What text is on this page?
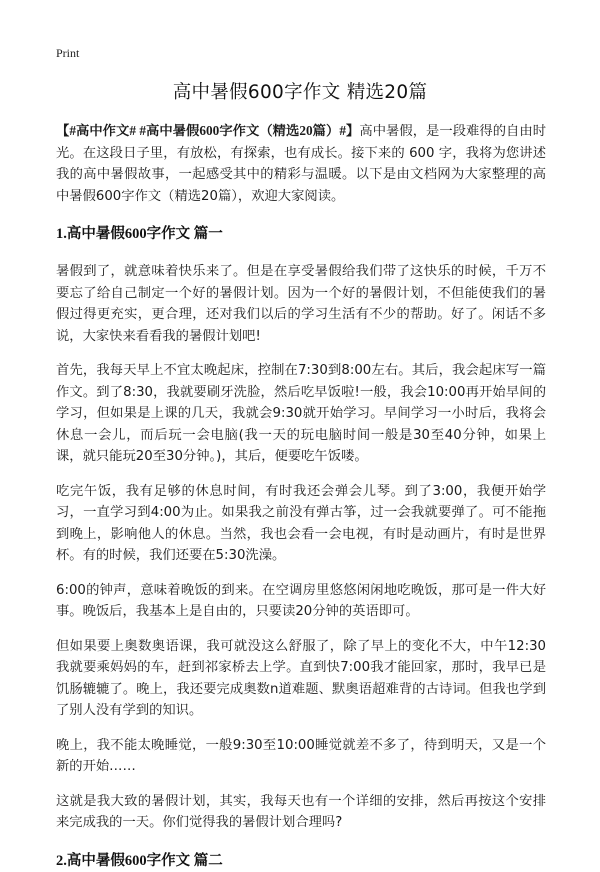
Print
高中暑假600字作文 精选20篇

【#高中作文# #高中暑假600字作文（精选20篇）#】高中暑假，是一段难得的自由时光。在这段日子里，有放松，有探索，也有成长。接下来的 600 字，我将为您讲述我的高中暑假故事，一起感受其中的精彩与温暖。以下是由文档网为大家整理的高中暑假600字作文（精选20篇），欢迎大家阅读。

1.高中暑假600字作文 篇一

暑假到了，就意味着快乐来了。但是在享受暑假给我们带了这快乐的时候，千万不要忘了给自己制定一个好的暑假计划。因为一个好的暑假计划，不但能使我们的暑假过得更充实，更合理，还对我们以后的学习生活有不少的帮助。好了。闲话不多说，大家快来看看我的暑假计划吧!

首先，我每天早上不宜太晚起床，控制在7:30到8:00左右。其后，我会起床写一篇作文。到了8:30，我就要刷牙洗脸，然后吃早饭啦!一般，我会10:00再开始早间的学习，但如果是上课的几天，我就会9:30就开始学习。早间学习一小时后，我将会休息一会儿，而后玩一会电脑(我一天的玩电脑时间一般是30至40分钟，如果上课，就只能玩20至30分钟。)，其后，便要吃午饭喽。

吃完午饭，我有足够的休息时间，有时我还会弹会儿琴。到了3:00，我便开始学习，一直学习到4:00为止。如果我之前没有弹古筝，过一会我就要弹了。可不能拖到晚上，影响他人的休息。当然，我也会看一会电视，有时是动画片，有时是世界杯。有的时候，我们还要在5:30洗澡。

6:00的钟声，意味着晚饭的到来。在空调房里悠悠闲闲地吃晚饭，那可是一件大好事。晚饭后，我基本上是自由的，只要读20分钟的英语即可。

但如果要上奥数奥语课，我可就没这么舒服了，除了早上的变化不大，中午12:30我就要乘妈妈的车，赶到祁家桥去上学。直到快7:00我才能回家，那时，我早已是饥肠辘辘了。晚上，我还要完成奥数n道难题、默奥语超难背的古诗词。但我也学到了别人没有学到的知识。

晚上，我不能太晚睡觉，一般9:30至10:00睡觉就差不多了，待到明天，又是一个新的开始……

这就是我大致的暑假计划，其实，我每天也有一个详细的安排，然后再按这个安排来完成我的一天。你们觉得我的暑假计划合理吗?

2.高中暑假600字作文 篇二
